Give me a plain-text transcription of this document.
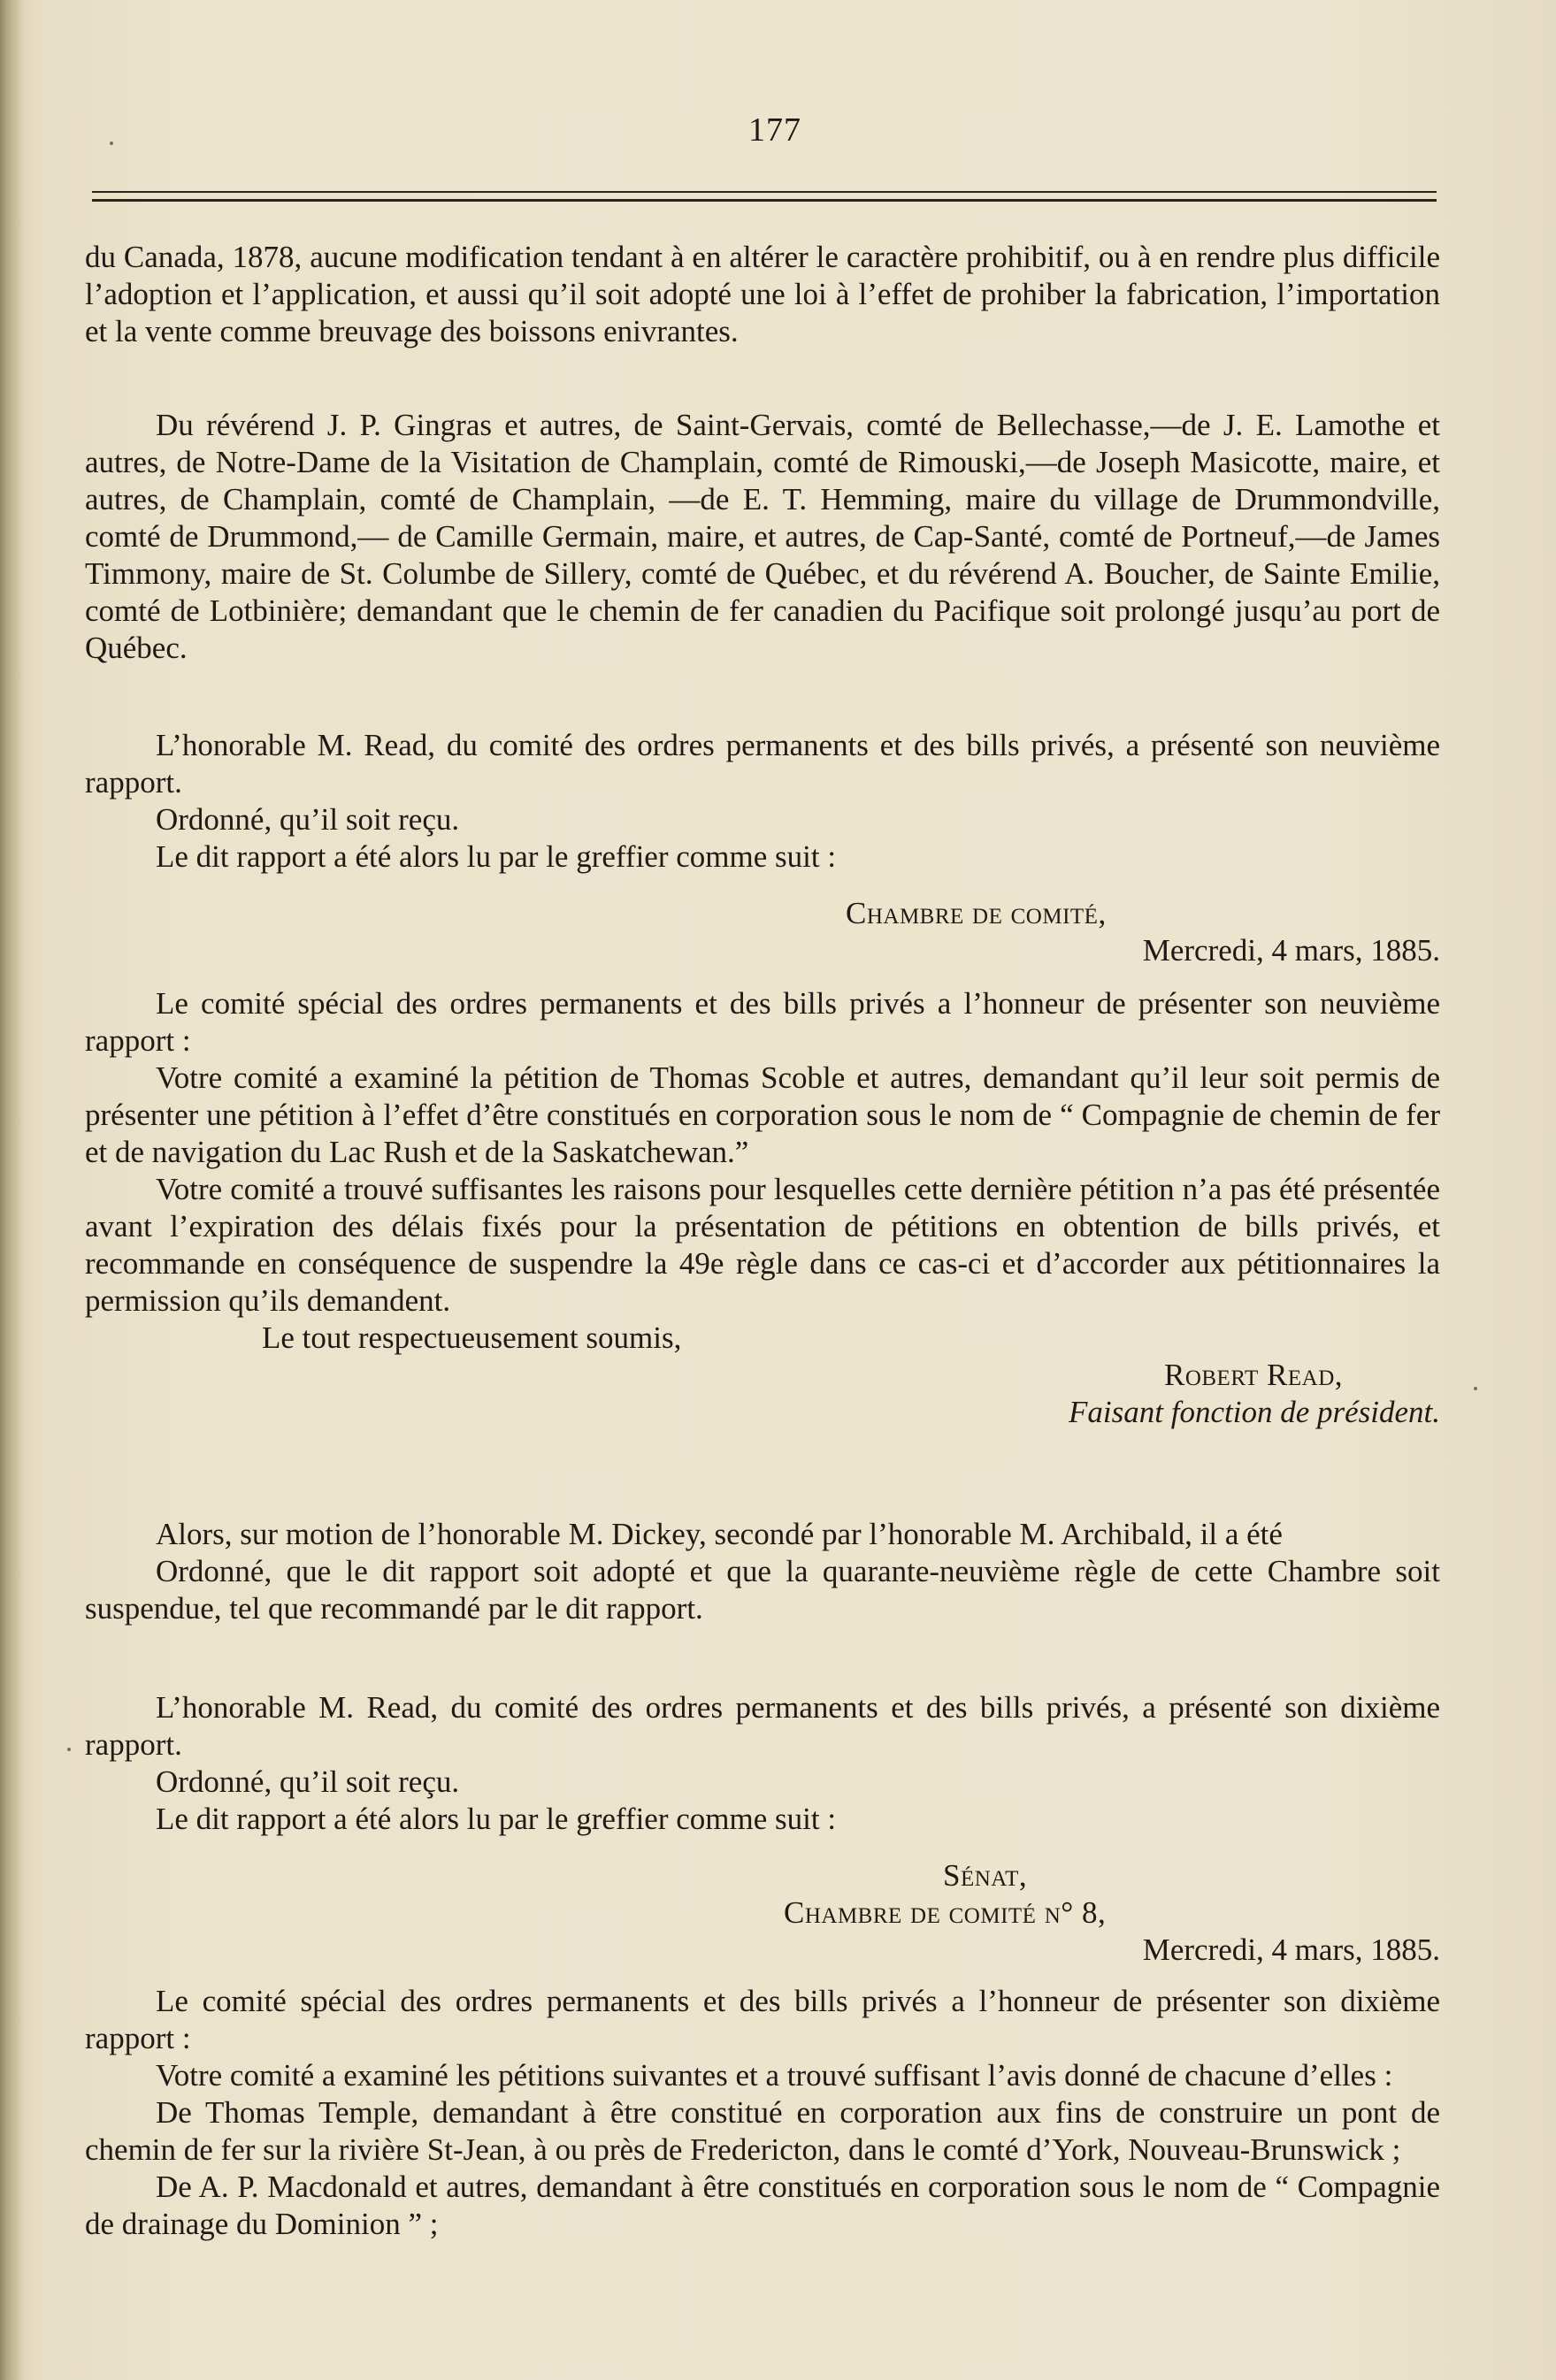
177

du Canada, 1878, aucune modification tendant à en altérer le caractère prohibitif, ou à en rendre plus difficile l’adoption et l’application, et aussi qu’il soit adopté une loi à l’effet de prohiber la fabrication, l’importation et la vente comme breuvage des boissons enivrantes.

Du révérend J. P. Gingras et autres, de Saint-Gervais, comté de Bellechasse,—de J. E. Lamothe et autres, de Notre-Dame de la Visitation de Champlain, comté de Rimouski,—de Joseph Masicotte, maire, et autres, de Champlain, comté de Champlain, —de E. T. Hemming, maire du village de Drummondville, comté de Drummond,— de Camille Germain, maire, et autres, de Cap-Santé, comté de Portneuf,—de James Timmony, maire de St. Columbe de Sillery, comté de Québec, et du révérend A. Boucher, de Sainte Emilie, comté de Lotbinière; demandant que le chemin de fer canadien du Pacifique soit prolongé jusqu’au port de Québec.

L’honorable M. Read, du comité des ordres permanents et des bills privés, a présenté son neuvième rapport.

Ordonné, qu’il soit reçu.

Le dit rapport a été alors lu par le greffier comme suit :

Chambre de comité,

Mercredi, 4 mars, 1885.

Le comité spécial des ordres permanents et des bills privés a l’honneur de présenter son neuvième rapport :

Votre comité a examiné la pétition de Thomas Scoble et autres, demandant qu’il leur soit permis de présenter une pétition à l’effet d’être constitués en corporation sous le nom de “ Compagnie de chemin de fer et de navigation du Lac Rush et de la Saskatchewan.”

Votre comité a trouvé suffisantes les raisons pour lesquelles cette dernière pétition n’a pas été présentée avant l’expiration des délais fixés pour la présentation de pétitions en obtention de bills privés, et recommande en conséquence de suspendre la 49e règle dans ce cas-ci et d’accorder aux pétitionnaires la permission qu’ils demandent.

Le tout respectueusement soumis,

Robert Read,

Faisant fonction de président.

Alors, sur motion de l’honorable M. Dickey, secondé par l’honorable M. Archibald, il a été

Ordonné, que le dit rapport soit adopté et que la quarante-neuvième règle de cette Chambre soit suspendue, tel que recommandé par le dit rapport.

L’honorable M. Read, du comité des ordres permanents et des bills privés, a présenté son dixième rapport.

Ordonné, qu’il soit reçu.

Le dit rapport a été alors lu par le greffier comme suit :

Sénat,

Chambre de comité n° 8,

Mercredi, 4 mars, 1885.

Le comité spécial des ordres permanents et des bills privés a l’honneur de présenter son dixième rapport :

Votre comité a examiné les pétitions suivantes et a trouvé suffisant l’avis donné de chacune d’elles :

De Thomas Temple, demandant à être constitué en corporation aux fins de construire un pont de chemin de fer sur la rivière St-Jean, à ou près de Fredericton, dans le comté d’York, Nouveau-Brunswick ;

De A. P. Macdonald et autres, demandant à être constitués en corporation sous le nom de “ Compagnie de drainage du Dominion ” ;
